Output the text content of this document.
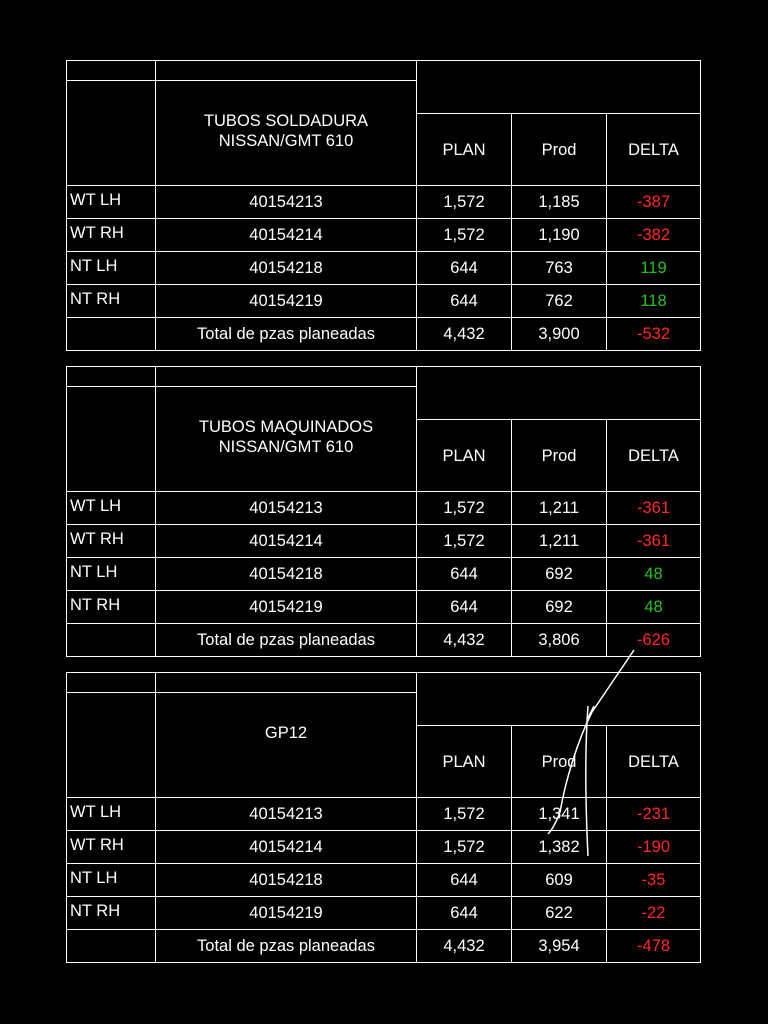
TUBOS SOLDADURA
NISSAN/GMT 610	PLAN	Prod	DELTA
WT LH	40154213	1,572	1,185	-387
WT RH	40154214	1,572	1,190	-382
NT LH	40154218	644	763	119
NT RH	40154219	644	762	118
Total de pzas planeadas	4,432	3,900	-532
TUBOS MAQUINADOS
NISSAN/GMT 610	PLAN	Prod	DELTA
WT LH	40154213	1,572	1,211	-361
WT RH	40154214	1,572	1,211	-361
NT LH	40154218	644	692	48
NT RH	40154219	644	692	48
Total de pzas planeadas	4,432	3,806	-626
GP12
PLAN	Prod	DELTA
WT LH	40154213	1,572	1,341	-231
WT RH	40154214	1,572	1,382	-190
NT LH	40154218	644	609	-35
NT RH	40154219	644	622	-22
Total de pzas planeadas	4,432	3,954	-478
